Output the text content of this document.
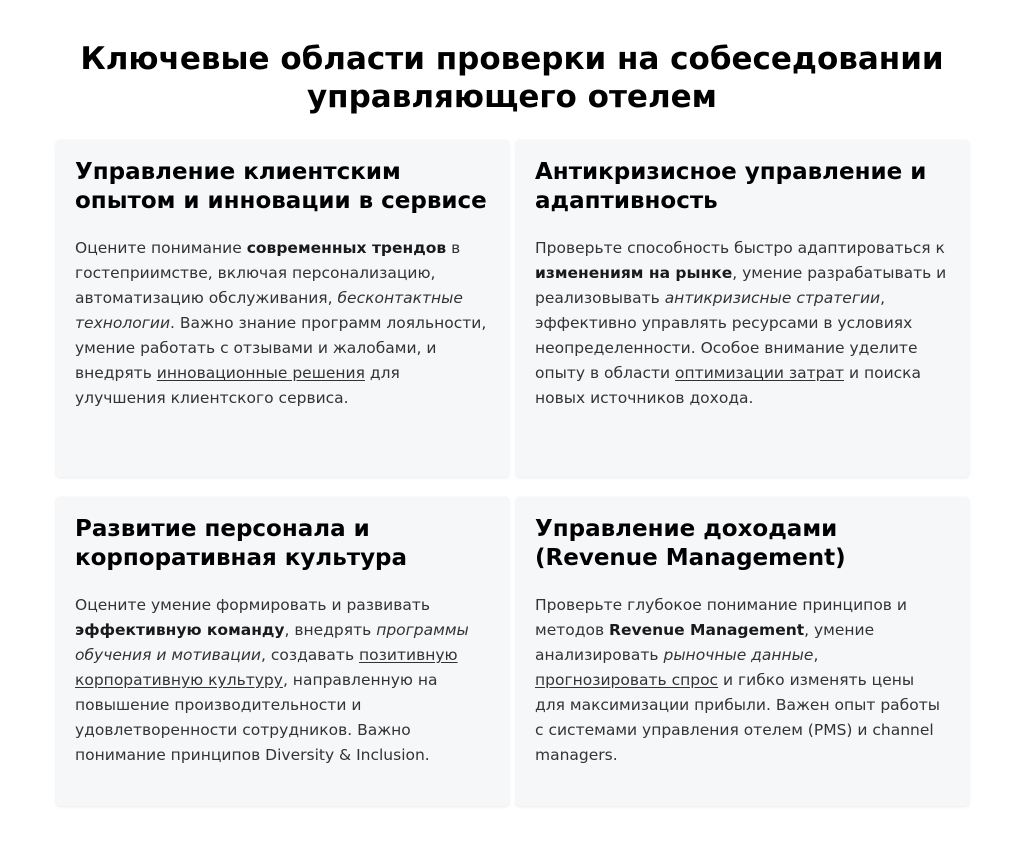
Ключевые области проверки на собеседовании управляющего отелем
Управление клиентским опытом и инновации в сервисе

Оцените понимание современных трендов в гостеприимстве, включая персонализацию, автоматизацию обслуживания, бесконтактные технологии. Важно знание программ лояльности, умение работать с отзывами и жалобами, и внедрять инновационные решения для улучшения клиентского сервиса.

Антикризисное управление и адаптивность

Проверьте способность быстро адаптироваться к изменениям на рынке, умение разрабатывать и реализовывать антикризисные стратегии, эффективно управлять ресурсами в условиях неопределенности. Особое внимание уделите опыту в области оптимизации затрат и поиска новых источников дохода.

Развитие персонала и корпоративная культура

Оцените умение формировать и развивать эффективную команду, внедрять программы обучения и мотивации, создавать позитивную корпоративную культуру, направленную на повышение производительности и удовлетворенности сотрудников. Важно понимание принципов Diversity & Inclusion.

Управление доходами (Revenue Management)

Проверьте глубокое понимание принципов и методов Revenue Management, умение анализировать рыночные данные, прогнозировать спрос и гибко изменять цены для максимизации прибыли. Важен опыт работы с системами управления отелем (PMS) и channel managers.
